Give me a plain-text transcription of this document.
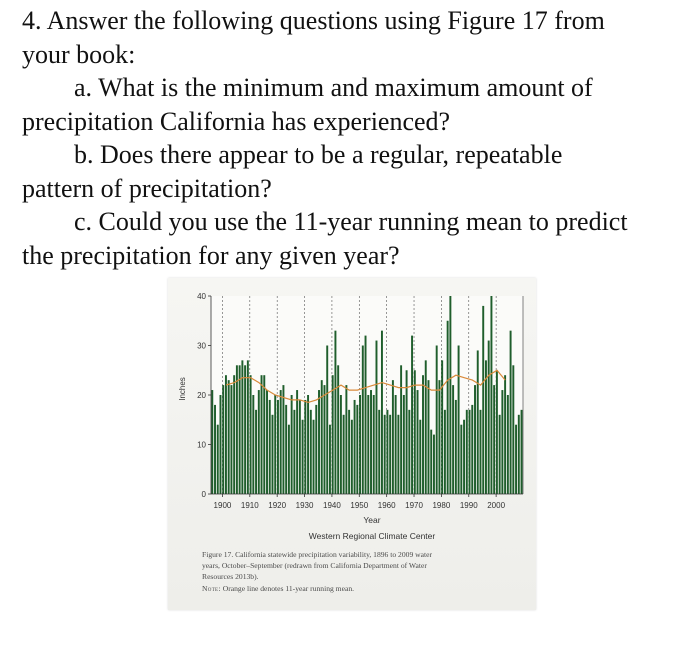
4. Answer the following questions using Figure 17 from
your book:
a. What is the minimum and maximum amount of
precipitation California has experienced?
b. Does there appear to be a regular, repeatable
pattern of precipitation?
c. Could you use the 11-year running mean to predict
the precipitation for any given year?
0
10
20
30
40
1900 1910 1920 1930 1940 1950 1960 1970 1980 1990 2000
Inches
Year
Western Regional Climate Center
Figure 17. California statewide precipitation variability, 1896 to 2009 water
years, October–September (redrawn from California Department of Water
Resources 2013b).
Note: Orange line denotes 11-year running mean.
